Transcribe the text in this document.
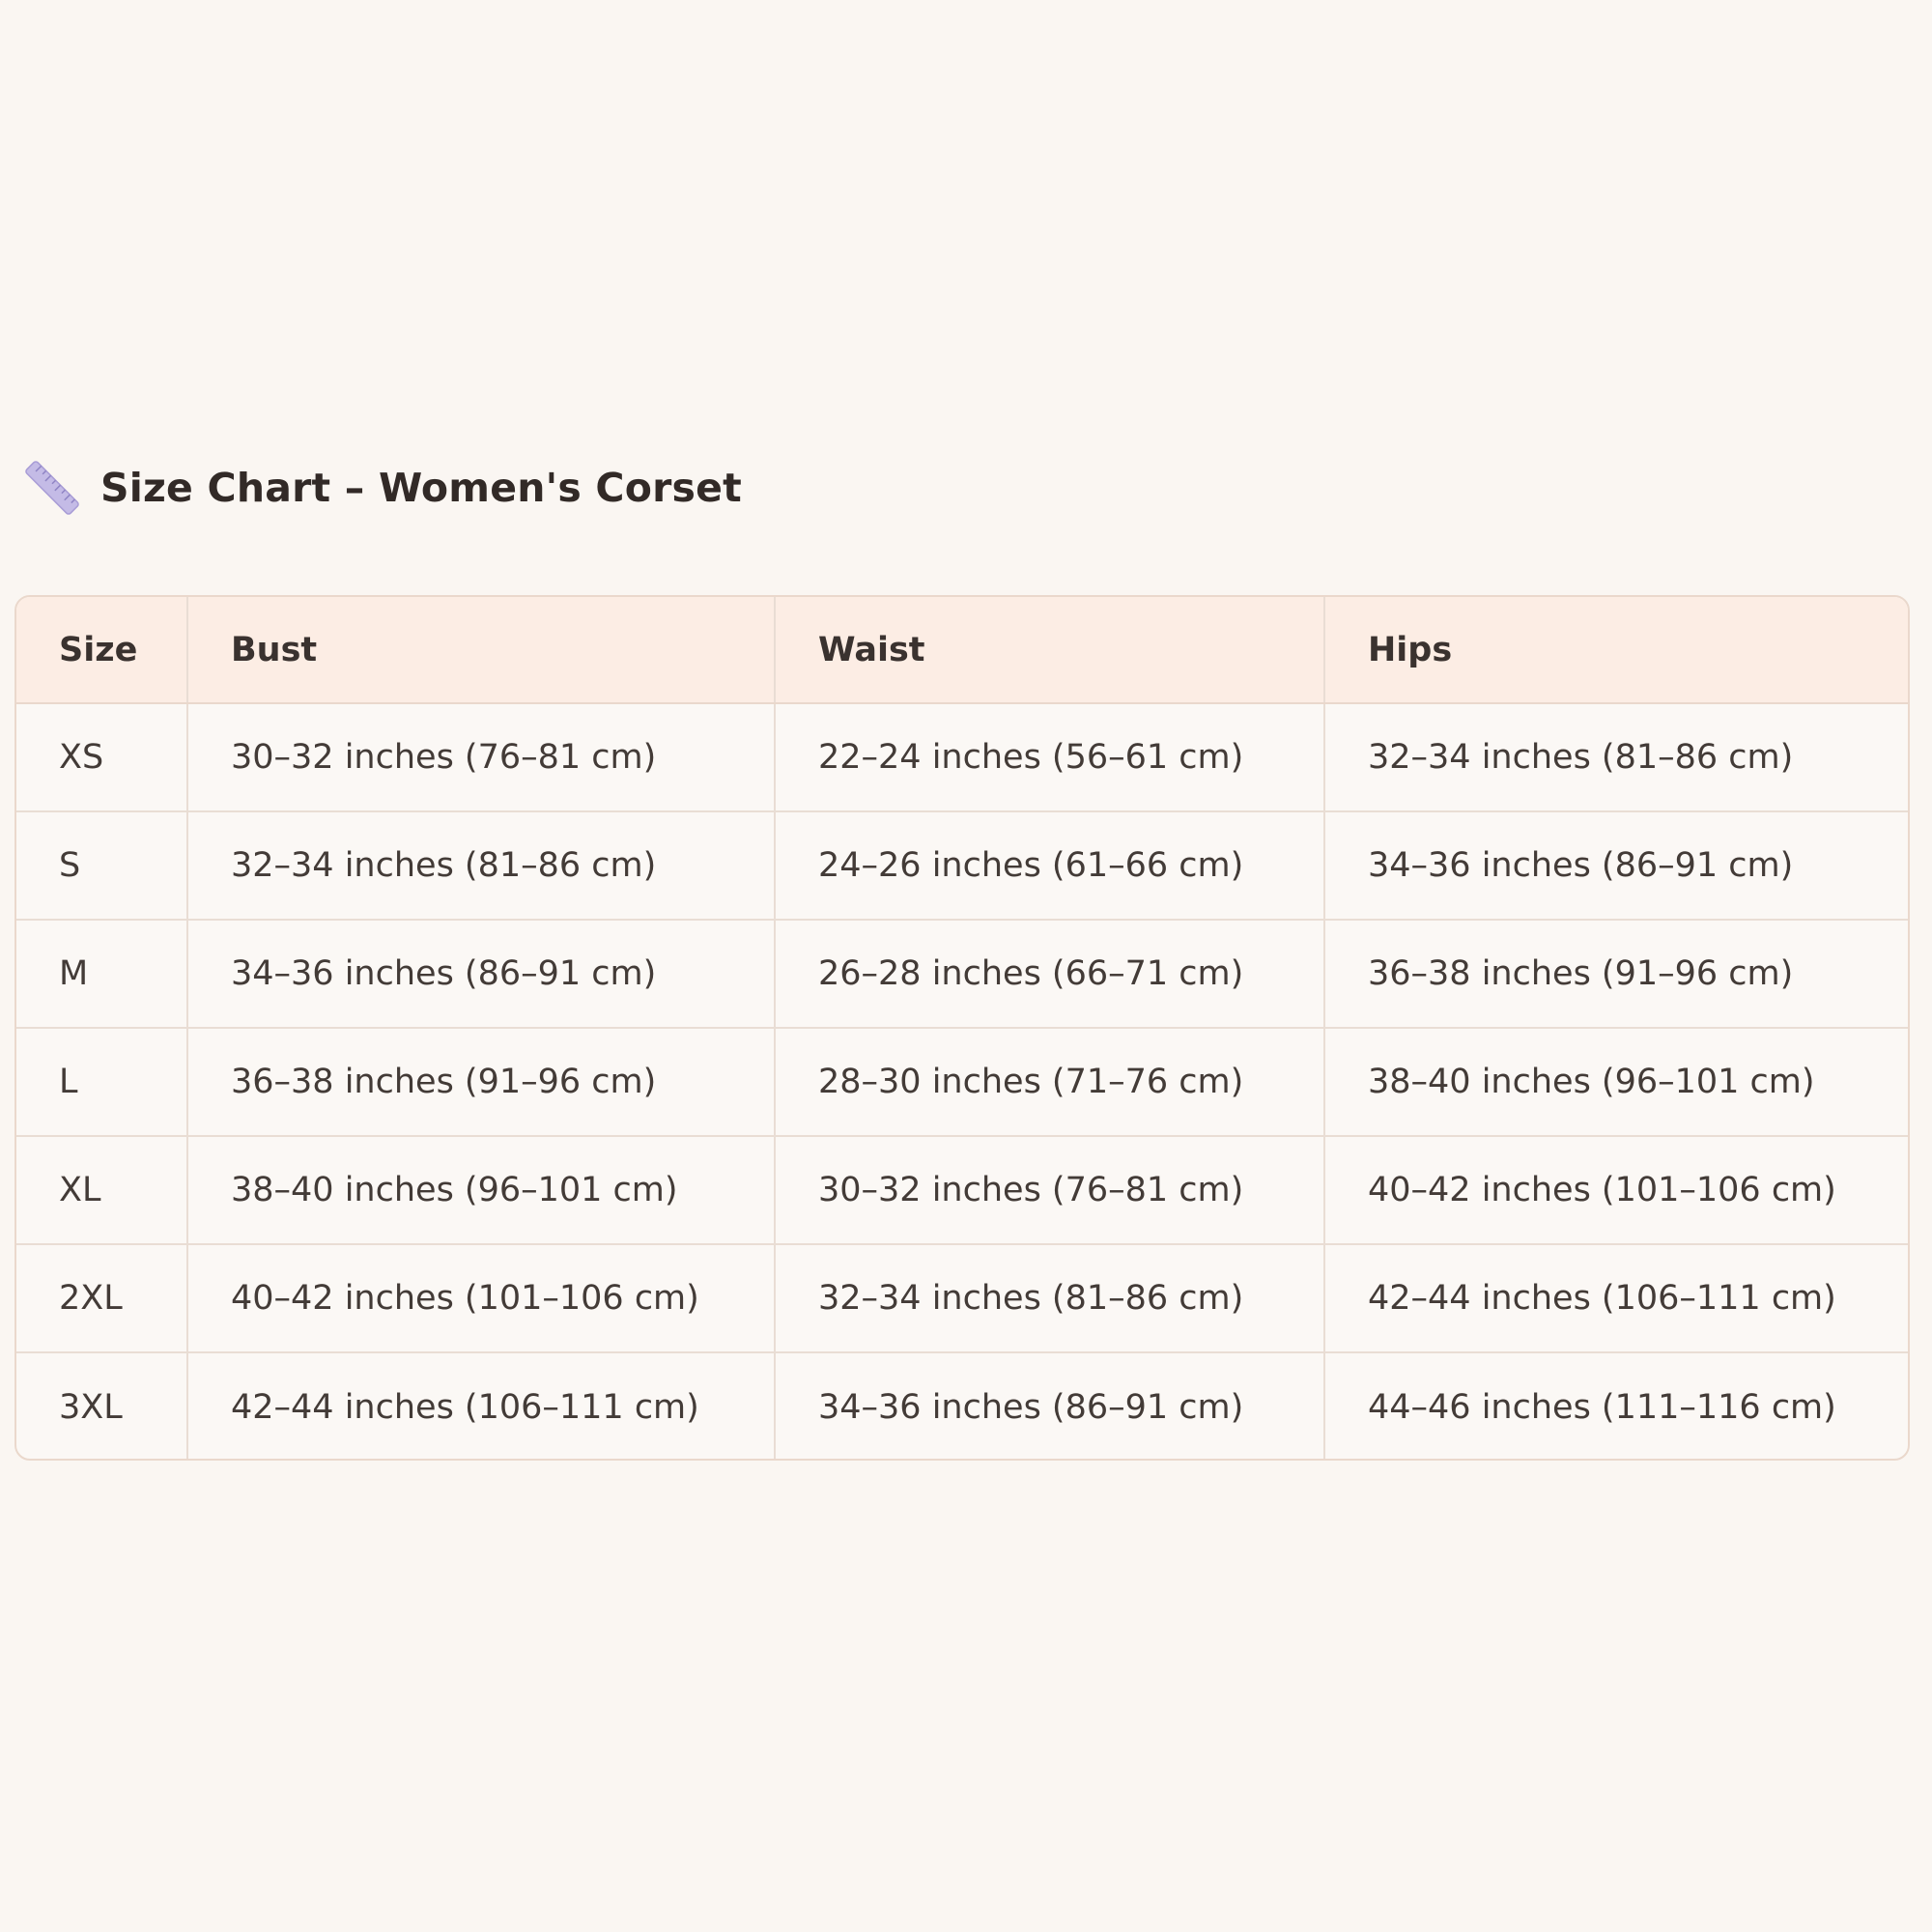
Size Chart – Women's Corset
Size	Bust	Waist	Hips
XS	30–32 inches (76–81 cm)	22–24 inches (56–61 cm)	32–34 inches (81–86 cm)
S	32–34 inches (81–86 cm)	24–26 inches (61–66 cm)	34–36 inches (86–91 cm)
M	34–36 inches (86–91 cm)	26–28 inches (66–71 cm)	36–38 inches (91–96 cm)
L	36–38 inches (91–96 cm)	28–30 inches (71–76 cm)	38–40 inches (96–101 cm)
XL	38–40 inches (96–101 cm)	30–32 inches (76–81 cm)	40–42 inches (101–106 cm)
2XL	40–42 inches (101–106 cm)	32–34 inches (81–86 cm)	42–44 inches (106–111 cm)
3XL	42–44 inches (106–111 cm)	34–36 inches (86–91 cm)	44–46 inches (111–116 cm)
